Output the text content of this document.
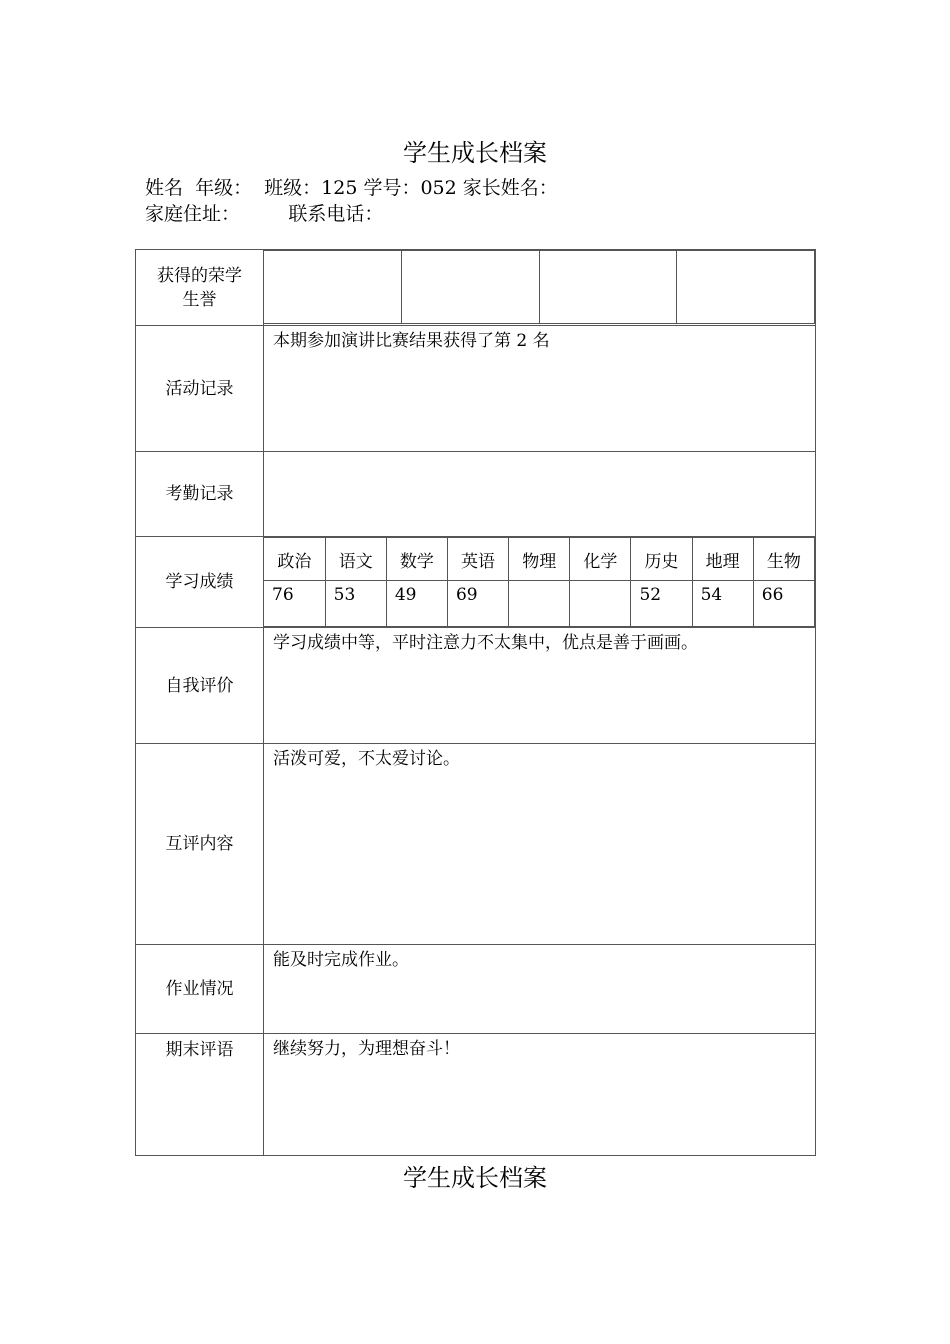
学生成长档案
姓名  年级：  班级：125 学号：052 家长姓名：
家庭住址：        联系电话：
获得的荣学生誉	

活动记录	本期参加演讲比赛结果获得了第 2 名
考勤记录	
学习成绩	
政治	语文	数学	英语	物理	化学	历史	地理	生物
76	53	49	69			52	54	66

自我评价	学习成绩中等，平时注意力不太集中，优点是善于画画。
互评内容	活泼可爱，不太爱讨论。
作业情况	能及时完成作业。
期末评语	继续努力，为理想奋斗！
学生成长档案
